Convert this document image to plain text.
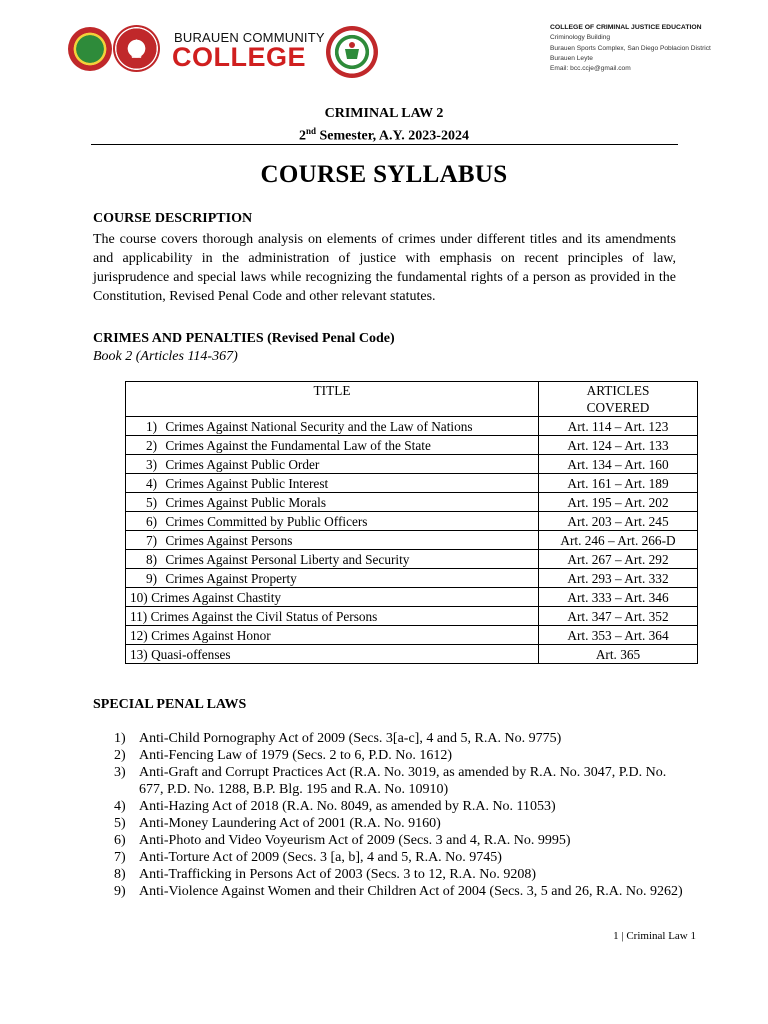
BURAUEN COMMUNITY
COLLEGE
COLLEGE OF CRIMINAL JUSTICE EDUCATION
Criminology Building
Burauen Sports Complex, San Diego Poblacion District
Burauen Leyte
Email: bcc.ccje@gmail.com
CRIMINAL LAW 2
2nd Semester, A.Y. 2023-2024
COURSE SYLLABUS
COURSE DESCRIPTION
The course covers thorough analysis on elements of crimes under different titles and its amendments and applicability in the administration of justice with emphasis on recent principles of law, jurisprudence and special laws while recognizing the fundamental rights of a person as provided in the Constitution, Revised Penal Code and other relevant statutes.
CRIMES AND PENALTIES (Revised Penal Code)
Book 2 (Articles 114-367)
TITLE	ARTICLES
COVERED
1) Crimes Against National Security and the Law of Nations	Art. 114 – Art. 123
2) Crimes Against the Fundamental Law of the State	Art. 124 – Art. 133
3) Crimes Against Public Order	Art. 134 – Art. 160
4) Crimes Against Public Interest	Art. 161 – Art. 189
5) Crimes Against Public Morals	Art. 195 – Art. 202
6) Crimes Committed by Public Officers	Art. 203 – Art. 245
7) Crimes Against Persons	Art. 246 – Art. 266-D
8) Crimes Against Personal Liberty and Security	Art. 267 – Art. 292
9) Crimes Against Property	Art. 293 – Art. 332
10) Crimes Against Chastity	Art. 333 – Art. 346
11) Crimes Against the Civil Status of Persons	Art. 347 – Art. 352
12) Crimes Against Honor	Art. 353 – Art. 364
13) Quasi-offenses	Art. 365
SPECIAL PENAL LAWS
1) Anti-Child Pornography Act of 2009 (Secs. 3[a-c], 4 and 5, R.A. No. 9775)
2) Anti-Fencing Law of 1979 (Secs. 2 to 6, P.D. No. 1612)
3) Anti-Graft and Corrupt Practices Act (R.A. No. 3019, as amended by R.A. No. 3047, P.D. No. 677, P.D. No. 1288, B.P. Blg. 195 and R.A. No. 10910)
4) Anti-Hazing Act of 2018 (R.A. No. 8049, as amended by R.A. No. 11053)
5) Anti-Money Laundering Act of 2001 (R.A. No. 9160)
6) Anti-Photo and Video Voyeurism Act of 2009 (Secs. 3 and 4, R.A. No. 9995)
7) Anti-Torture Act of 2009 (Secs. 3 [a, b], 4 and 5, R.A. No. 9745)
8) Anti-Trafficking in Persons Act of 2003 (Secs. 3 to 12, R.A. No. 9208)
9) Anti-Violence Against Women and their Children Act of 2004 (Secs. 3, 5 and 26, R.A. No. 9262)
1 | Criminal Law 1
